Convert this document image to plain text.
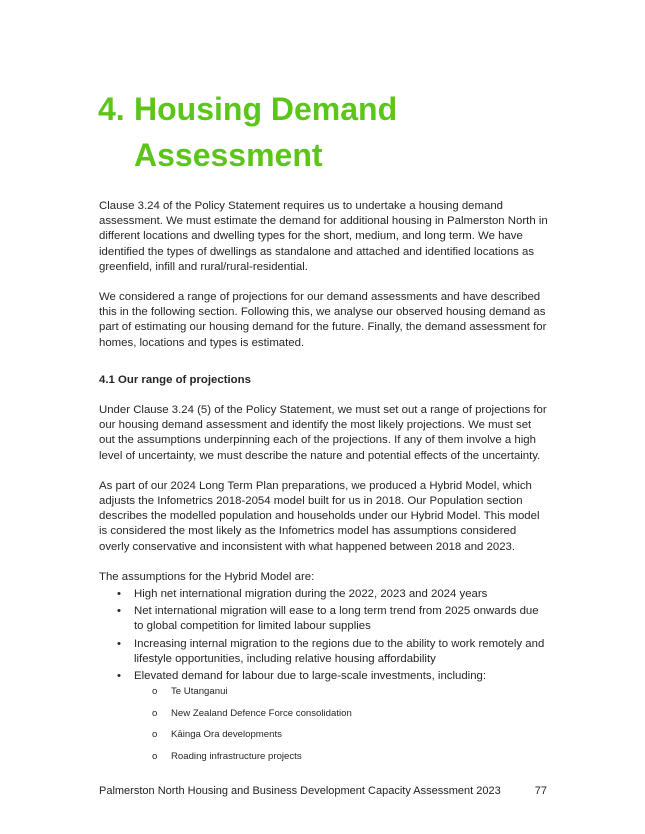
4. Housing Demand
Assessment

Clause 3.24 of the Policy Statement requires us to undertake a housing demand assessment. We must estimate the demand for additional housing in Palmerston North in different locations and dwelling types for the short, medium, and long term. We have identified the types of dwellings as standalone and attached and identified locations as greenfield, infill and rural/rural-residential.

We considered a range of projections for our demand assessments and have described this in the following section. Following this, we analyse our observed housing demand as part of estimating our housing demand for the future. Finally, the demand assessment for homes, locations and types is estimated.

4.1 Our range of projections

Under Clause 3.24 (5) of the Policy Statement, we must set out a range of projections for our housing demand assessment and identify the most likely projections. We must set out the assumptions underpinning each of the projections. If any of them involve a high level of uncertainty, we must describe the nature and potential effects of the uncertainty.

As part of our 2024 Long Term Plan preparations, we produced a Hybrid Model, which adjusts the Infometrics 2018-2054 model built for us in 2018. Our Population section describes the modelled population and households under our Hybrid Model. This model is considered the most likely as the Infometrics model has assumptions considered overly conservative and inconsistent with what happened between 2018 and 2023.

The assumptions for the Hybrid Model are:
• High net international migration during the 2022, 2023 and 2024 years
• Net international migration will ease to a long term trend from 2025 onwards due to global competition for limited labour supplies
• Increasing internal migration to the regions due to the ability to work remotely and lifestyle opportunities, including relative housing affordability
• Elevated demand for labour due to large-scale investments, including:
o Te Utanganui
o New Zealand Defence Force consolidation
o Kāinga Ora developments
o Roading infrastructure projects
Palmerston North Housing and Business Development Capacity Assessment 2023	77
